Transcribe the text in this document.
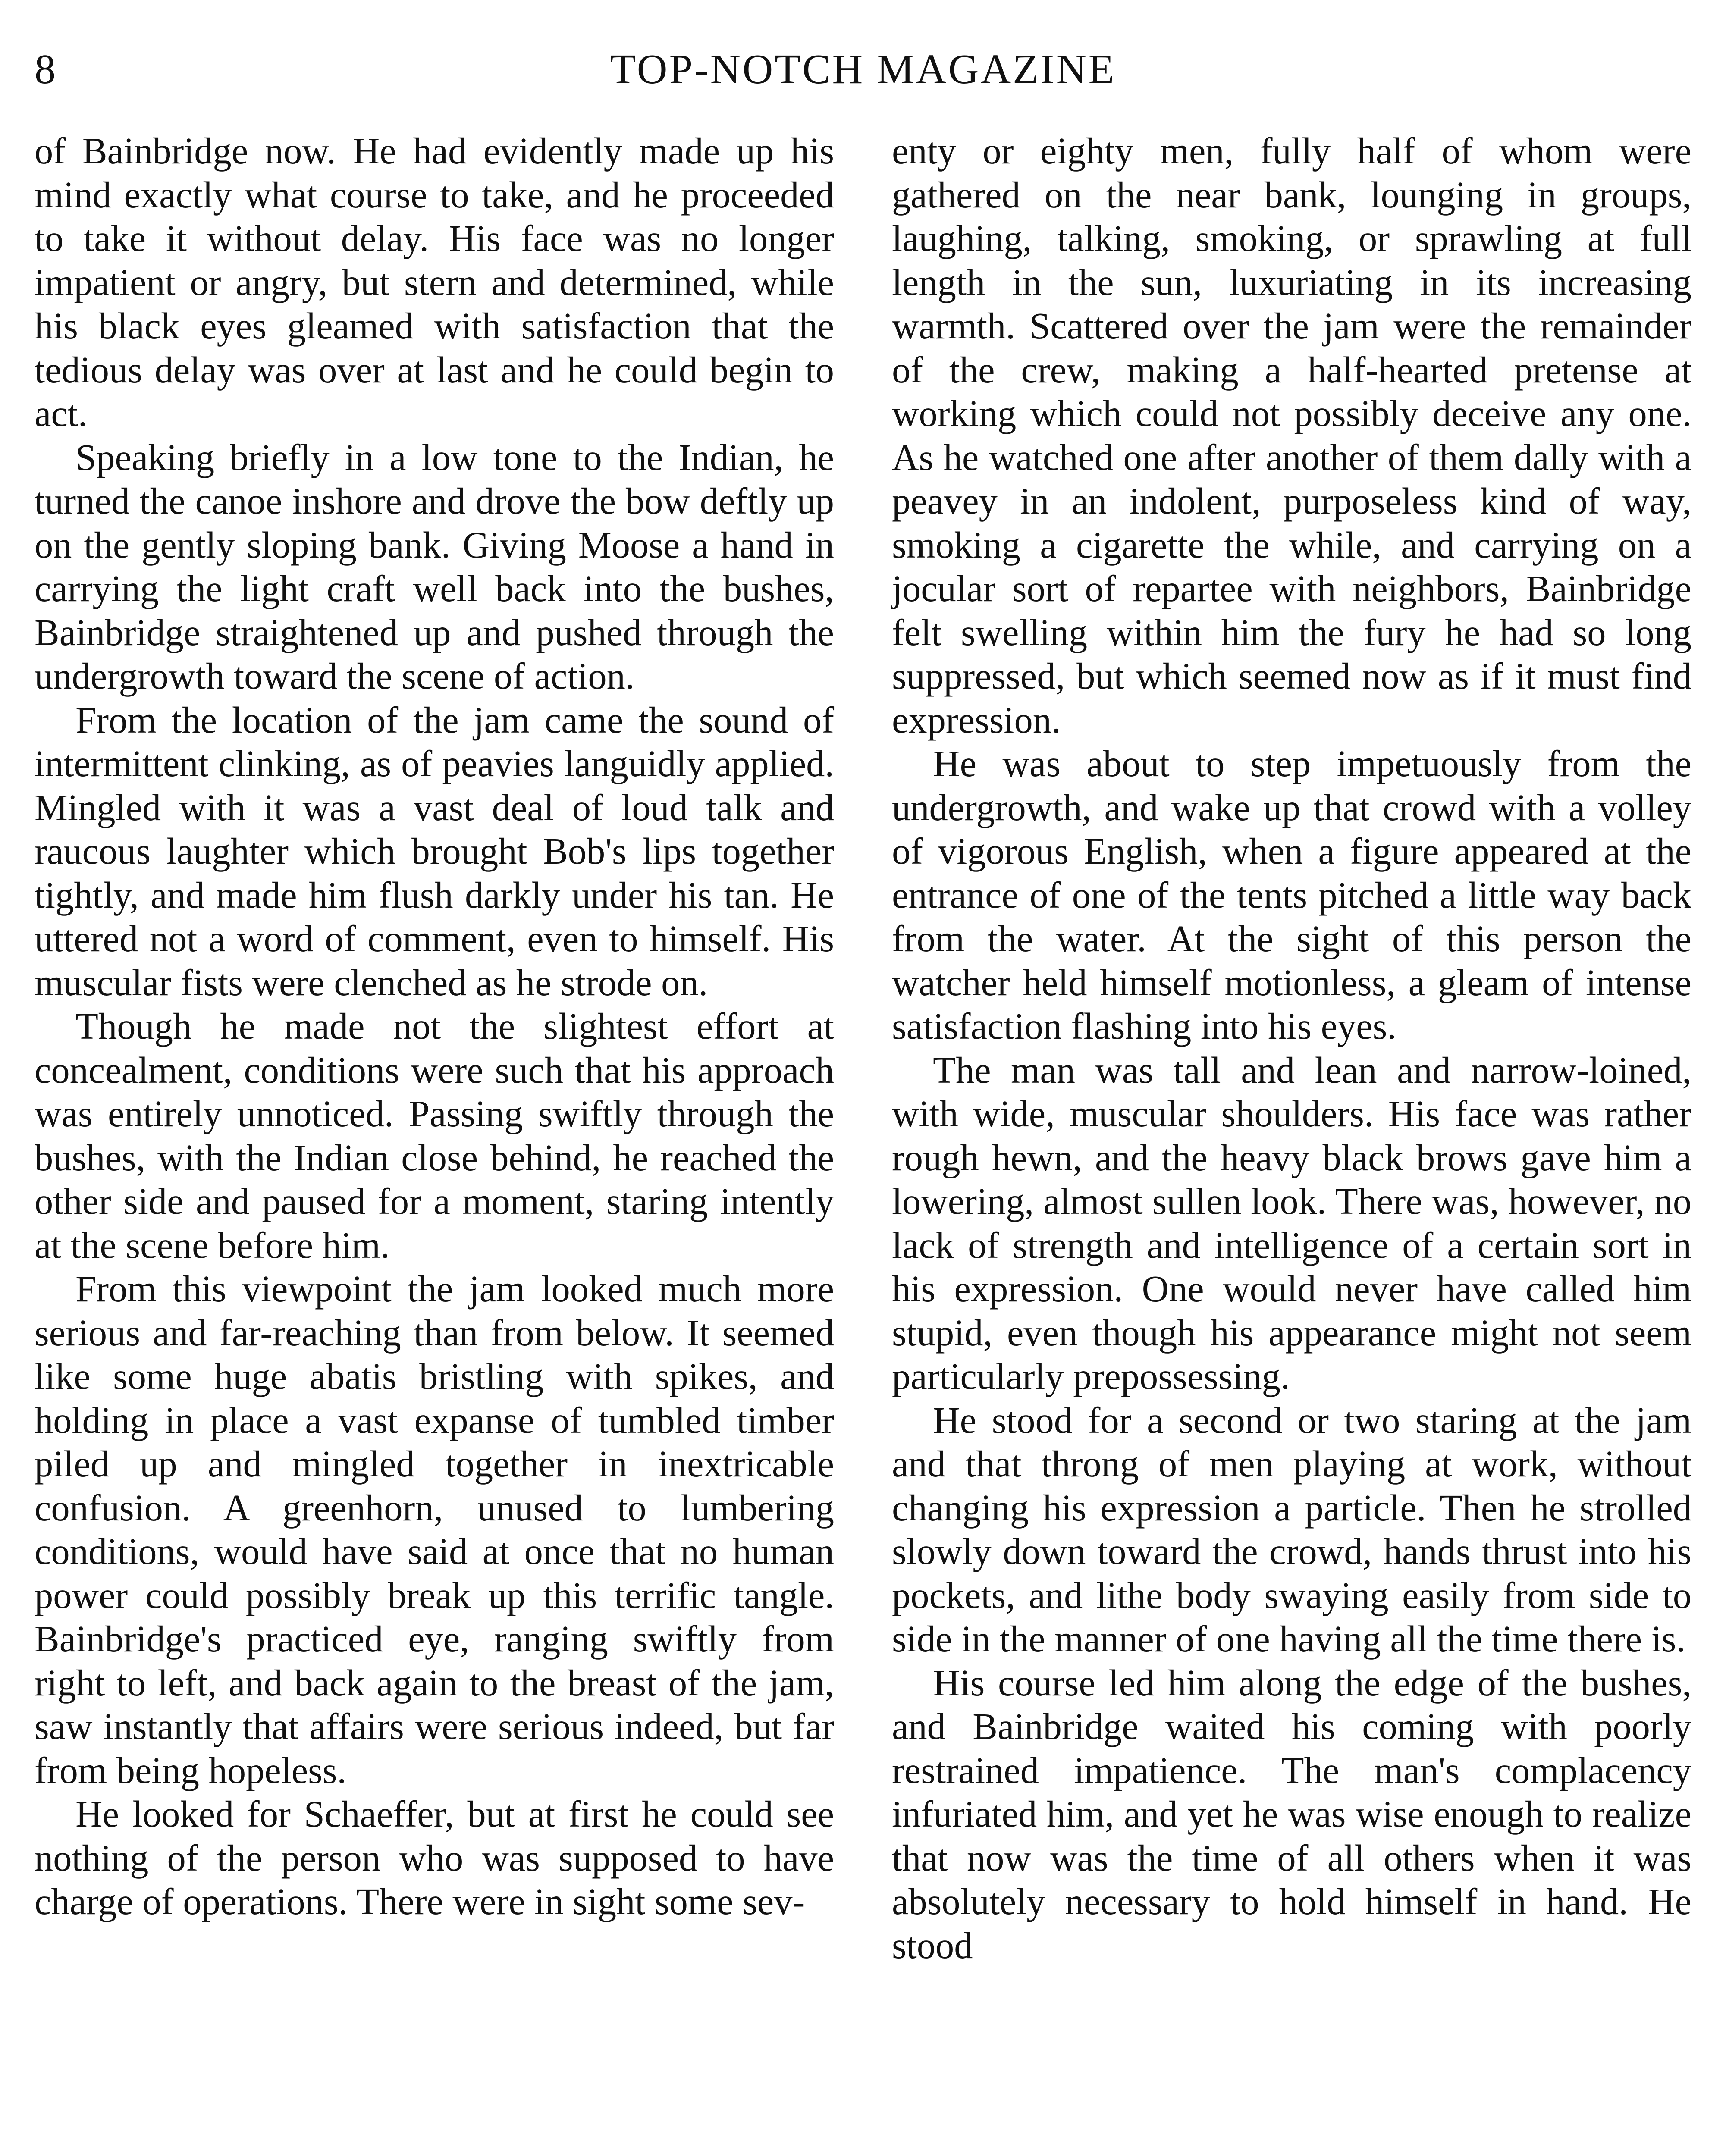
8	TOP-NOTCH MAGAZINE

of Bainbridge now. He had evidently made up his mind exactly what course to take, and he proceeded to take it without delay. His face was no longer impatient or angry, but stern and determined, while his black eyes gleamed with satisfaction that the tedious delay was over at last and he could begin to act.

Speaking briefly in a low tone to the Indian, he turned the canoe inshore and drove the bow deftly up on the gently sloping bank. Giving Moose a hand in carrying the light craft well back into the bushes, Bainbridge straightened up and pushed through the undergrowth toward the scene of action.

From the location of the jam came the sound of intermittent clinking, as of peavies languidly applied. Mingled with it was a vast deal of loud talk and raucous laughter which brought Bob's lips together tightly, and made him flush darkly under his tan. He uttered not a word of comment, even to himself. His muscular fists were clenched as he strode on.

Though he made not the slightest effort at concealment, conditions were such that his approach was entirely unnoticed. Passing swiftly through the bushes, with the Indian close behind, he reached the other side and paused for a moment, staring intently at the scene before him.

From this viewpoint the jam looked much more serious and far-reaching than from below. It seemed like some huge abatis bristling with spikes, and holding in place a vast expanse of tumbled timber piled up and mingled together in inextricable confusion. A greenhorn, unused to lumbering conditions, would have said at once that no human power could possibly break up this terrific tangle. Bainbridge's practiced eye, ranging swiftly from right to left, and back again to the breast of the jam, saw instantly that affairs were serious indeed, but far from being hopeless.

He looked for Schaeffer, but at first he could see nothing of the person who was supposed to have charge of operations. There were in sight some sev-

enty or eighty men, fully half of whom were gathered on the near bank, lounging in groups, laughing, talking, smoking, or sprawling at full length in the sun, luxuriating in its increasing warmth. Scattered over the jam were the remainder of the crew, making a half-hearted pretense at working which could not possibly deceive any one. As he watched one after another of them dally with a peavey in an indolent, purposeless kind of way, smoking a cigarette the while, and carrying on a jocular sort of repartee with neighbors, Bainbridge felt swelling within him the fury he had so long suppressed, but which seemed now as if it must find expression.

He was about to step impetuously from the undergrowth, and wake up that crowd with a volley of vigorous English, when a figure appeared at the entrance of one of the tents pitched a little way back from the water. At the sight of this person the watcher held himself motionless, a gleam of intense satisfaction flashing into his eyes.

The man was tall and lean and narrow-loined, with wide, muscular shoulders. His face was rather rough hewn, and the heavy black brows gave him a lowering, almost sullen look. There was, however, no lack of strength and intelligence of a certain sort in his expression. One would never have called him stupid, even though his appearance might not seem particularly prepossessing.

He stood for a second or two staring at the jam and that throng of men playing at work, without changing his expression a particle. Then he strolled slowly down toward the crowd, hands thrust into his pockets, and lithe body swaying easily from side to side in the manner of one having all the time there is.

His course led him along the edge of the bushes, and Bainbridge waited his coming with poorly restrained impatience. The man's complacency infuriated him, and yet he was wise enough to realize that now was the time of all others when it was absolutely necessary to hold himself in hand. He stood
